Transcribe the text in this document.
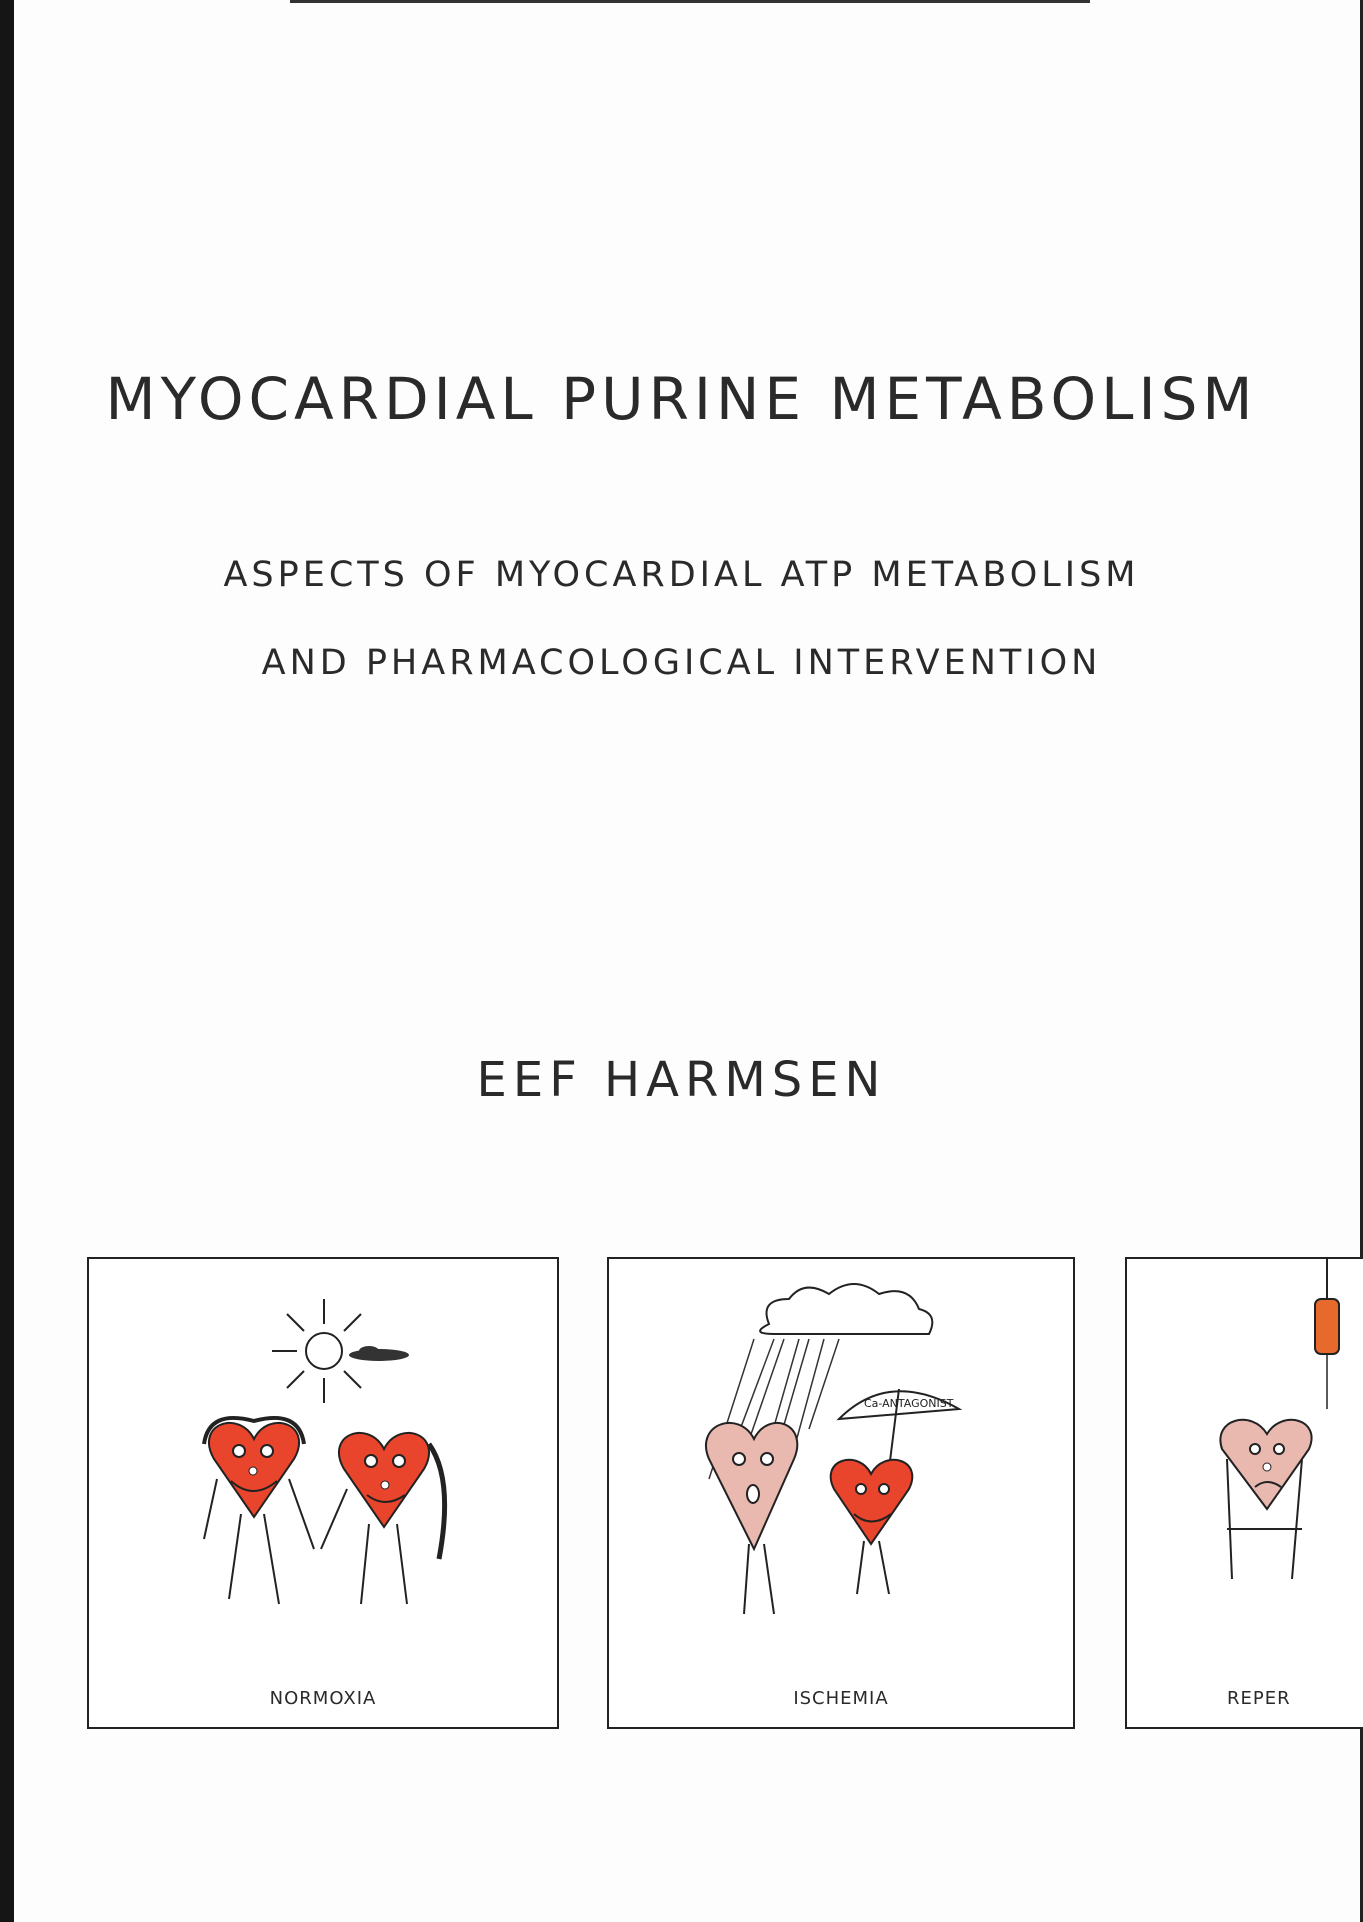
MYOCARDIAL PURINE METABOLISM
ASPECTS OF MYOCARDIAL ATP METABOLISM
AND PHARMACOLOGICAL INTERVENTION
EEF HARMSEN
NORMOXIA
Ca-ANTAGONIST
ISCHEMIA	REPER
